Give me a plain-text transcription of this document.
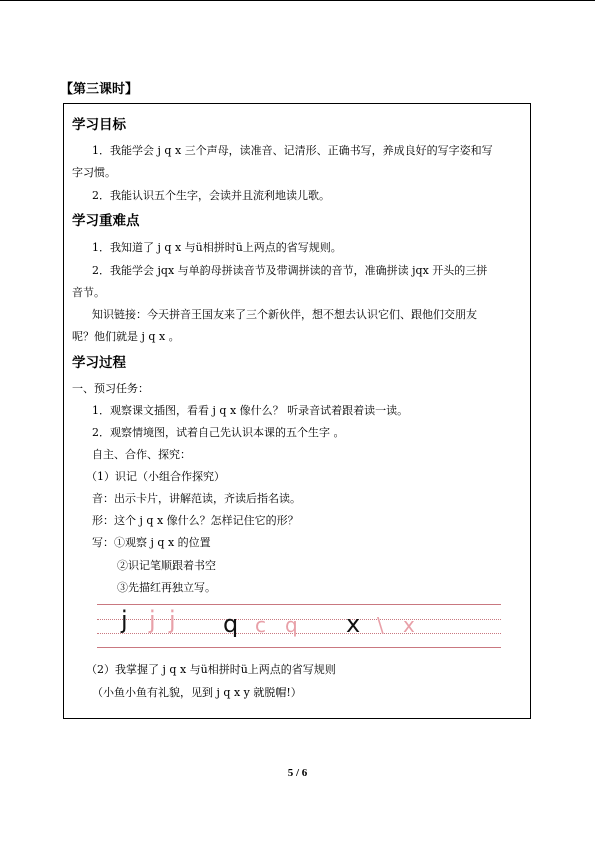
【第三课时】
学习目标
1．我能学会 j q x 三个声母，读准音、记清形、正确书写，养成良好的写字姿和写
字习惯。
2．我能认识五个生字，会读并且流利地读儿歌。
学习重难点
1．我知道了 j q x 与ü相拼时ü上两点的省写规则。
2．我能学会 jqx 与单韵母拼读音节及带调拼读的音节，准确拼读 jqx 开头的三拼
音节。
知识链接：今天拼音王国友来了三个新伙伴，想不想去认识它们、跟他们交朋友
呢？他们就是 j q x 。
学习过程
一、预习任务：
1．观察课文插图，看看 j q x 像什么？ 听录音试着跟着读一读。
2．观察情境图，试着自己先认识本课的五个生字 。
自主、合作、探究：
（1）识记（小组合作探究）
音：出示卡片，讲解范读，齐读后指名读。
形：这个 j q x 像什么？怎样记住它的形？
写：①观察 j q x 的位置
②识记笔顺跟着书空
③先描红再独立写。
j j j q c q x \ x
（2）我掌握了 j q x 与ü相拼时ü上两点的省写规则
（小鱼小鱼有礼貌，见到 j q x y 就脱帽!）
5 / 6
